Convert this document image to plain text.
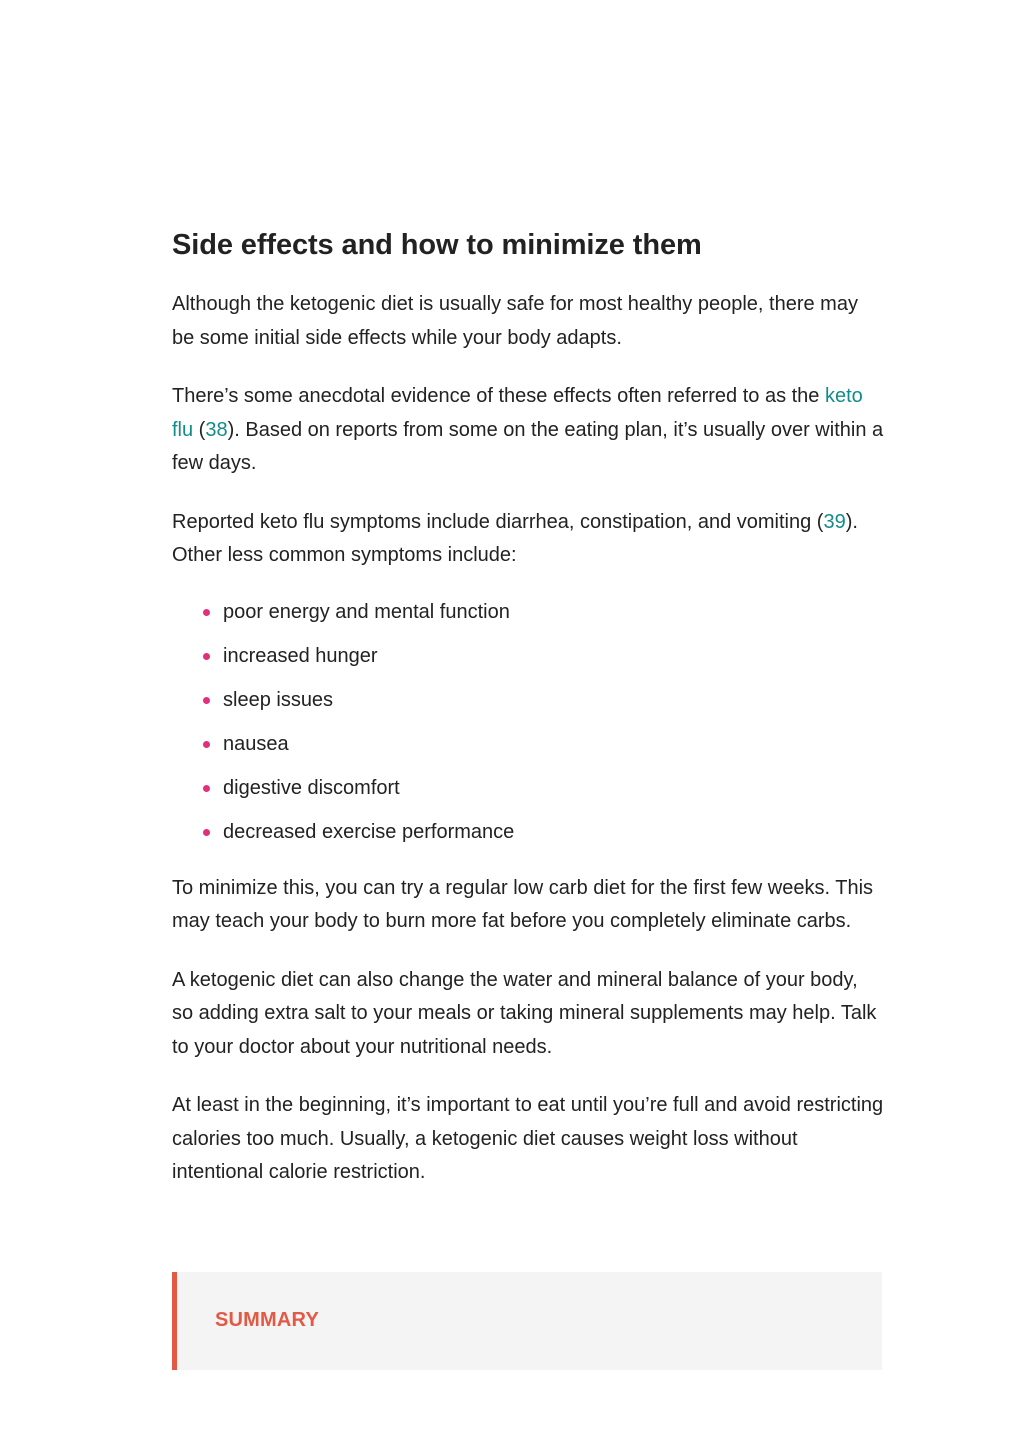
Side effects and how to minimize them

Although the ketogenic diet is usually safe for most healthy people, there may be some initial side effects while your body adapts.

There’s some anecdotal evidence of these effects often referred to as the keto flu (38). Based on reports from some on the eating plan, it’s usually over within a few days.

Reported keto flu symptoms include diarrhea, constipation, and vomiting (39). Other less common symptoms include:

poor energy and mental function
increased hunger
sleep issues
nausea
digestive discomfort
decreased exercise performance

To minimize this, you can try a regular low carb diet for the first few weeks. This may teach your body to burn more fat before you completely eliminate carbs.

A ketogenic diet can also change the water and mineral balance of your body, so adding extra salt to your meals or taking mineral supplements may help. Talk to your doctor about your nutritional needs.

At least in the beginning, it’s important to eat until you’re full and avoid restricting calories too much. Usually, a ketogenic diet causes weight loss without intentional calorie restriction.

SUMMARY
